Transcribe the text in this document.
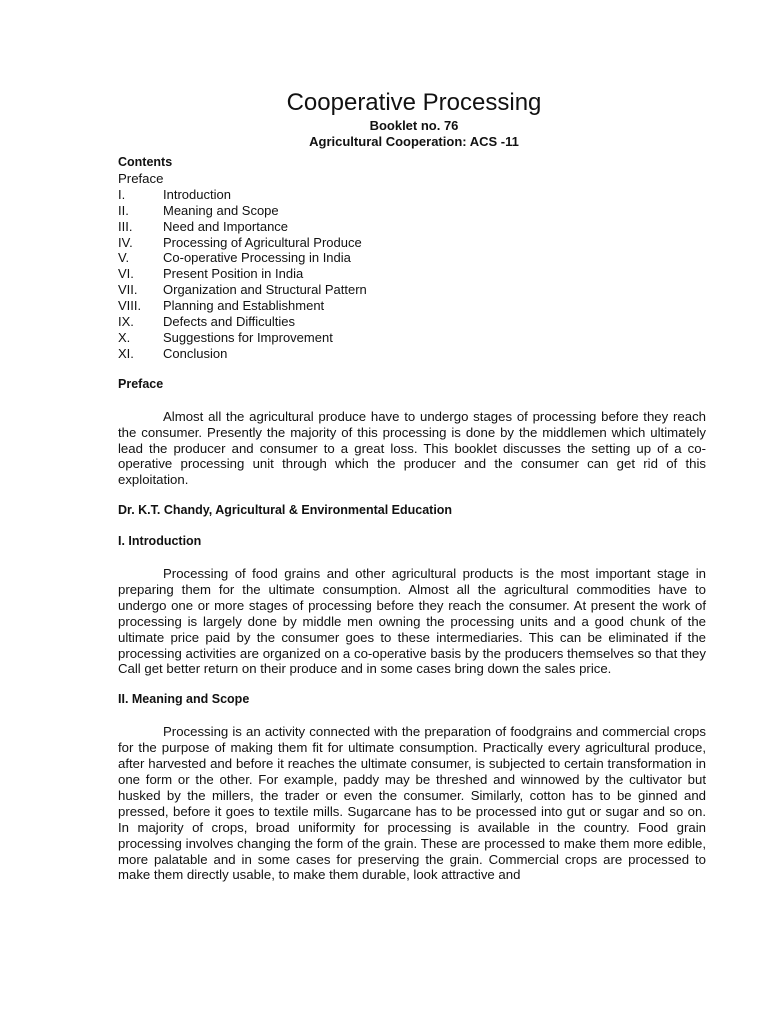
Cooperative Processing
Booklet no. 76
Agricultural Cooperation: ACS -11
Contents
Preface
I.	Introduction
II.	Meaning and Scope
III.	Need and Importance
IV.	Processing of Agricultural Produce
V.	Co-operative Processing in India
VI.	Present Position in India
VII.	Organization and Structural Pattern
VIII.	Planning and Establishment
IX.	Defects and Difficulties
X.	Suggestions for Improvement
XI.	Conclusion
Preface

Almost all the agricultural produce have to undergo stages of processing before they reach the consumer. Presently the majority of this processing is done by the middlemen which ultimately lead the producer and consumer to a great loss. This booklet discusses the setting up of a co-operative processing unit through which the producer and the consumer can get rid of this exploitation.

Dr. K.T. Chandy, Agricultural & Environmental Education
I. Introduction

Processing of food grains and other agricultural products is the most important stage in preparing them for the ultimate consumption. Almost all the agricultural commodities have to undergo one or more stages of processing before they reach the consumer. At present the work of processing is largely done by middle men owning the processing units and a good chunk of the ultimate price paid by the consumer goes to these intermediaries. This can be eliminated if the processing activities are organized on a co-operative basis by the producers themselves so that they Call get better return on their produce and in some cases bring down the sales price.

II. Meaning and Scope

Processing is an activity connected with the preparation of foodgrains and commercial crops for the purpose of making them fit for ultimate consumption. Practically every agricultural produce, after harvested and before it reaches the ultimate consumer, is subjected to certain transformation in one form or the other. For example, paddy may be threshed and winnowed by the cultivator but husked by the millers, the trader or even the consumer. Similarly, cotton has to be ginned and pressed, before it goes to textile mills. Sugarcane has to be processed into gut or sugar and so on. In majority of crops, broad uniformity for processing is available in the country. Food grain processing involves changing the form of the grain. These are processed to make them more edible, more palatable and in some cases for preserving the grain. Commercial crops are processed to make them directly usable, to make them durable, look attractive and
